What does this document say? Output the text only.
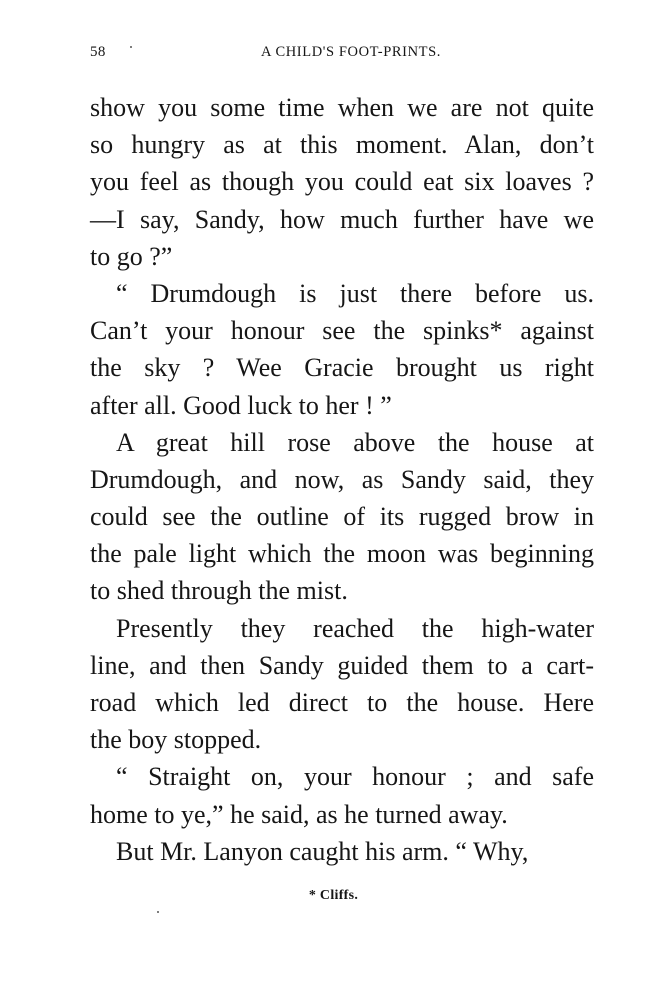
58	A CHILD'S FOOT-PRINTS.
show you some time when we are not quite
so hungry as at this moment. Alan, don’t
you feel as though you could eat six loaves ?
—I say, Sandy, how much further have we
to go ?”
“ Drumdough is just there before us.
Can’t your honour see the spinks* against
the sky ? Wee Gracie brought us right
after all. Good luck to her ! ”
A great hill rose above the house at
Drumdough, and now, as Sandy said, they
could see the outline of its rugged brow in
the pale light which the moon was beginning
to shed through the mist.
Presently they reached the high-water
line, and then Sandy guided them to a cart-
road which led direct to the house. Here
the boy stopped.
“ Straight on, your honour ; and safe
home to ye,” he said, as he turned away.
But Mr. Lanyon caught his arm. “ Why,
* Cliffs.
